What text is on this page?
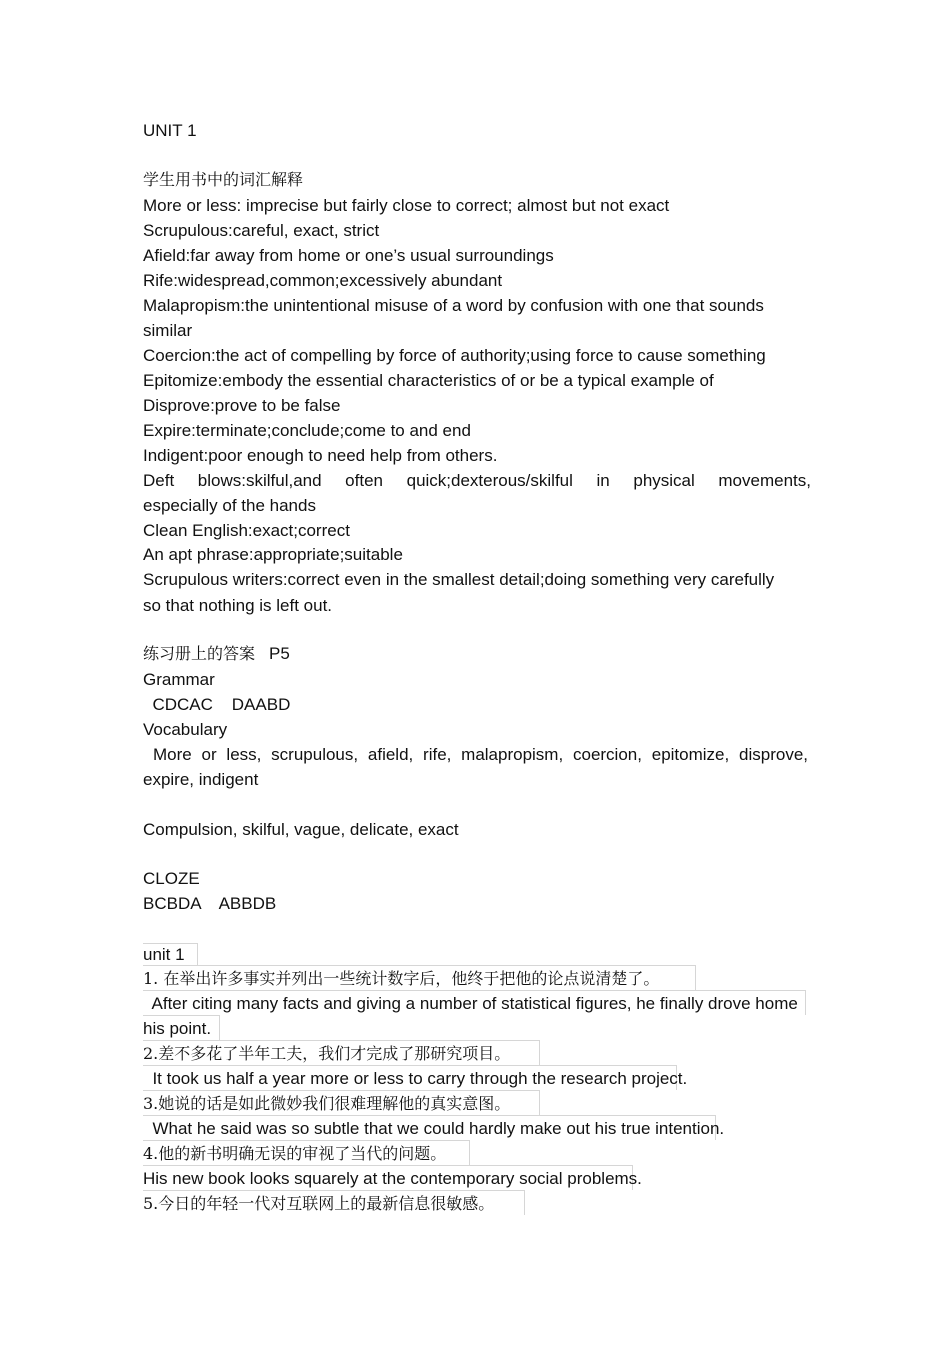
UNIT 1
学生用书中的词汇解释
More or less: imprecise but fairly close to correct; almost but not exact
Scrupulous:careful, exact, strict
Afield:far away from home or one’s usual surroundings
Rife:widespread,common;excessively abundant
Malapropism:the unintentional misuse of a word by confusion with one that sounds
similar
Coercion:the act of compelling by force of authority;using force to cause something
Epitomize:embody the essential characteristics of or be a typical example of
Disprove:prove to be false
Expire:terminate;conclude;come to and end
Indigent:poor enough to need help from others.
Deft blows:skilful,and often quick;dexterous/skilful in physical movements,
especially of the hands
Clean English:exact;correct
An apt phrase:appropriate;suitable
Scrupulous writers:correct even in the smallest detail;doing something very carefully
so that nothing is left out.
练习册上的答案 P5
Grammar
CDCAC    DAABD
Vocabulary
More or less, scrupulous, afield, rife, malapropism, coercion, epitomize, disprove,
expire, indigent
Compulsion, skilful, vague, delicate, exact
CLOZE
BCBDA    ABBDB
unit 1
1. 在举出许多事实并列出一些统计数字后，他终于把他的论点说清楚了。
After citing many facts and giving a number of statistical figures, he finally drove home
his point.
2.差不多花了半年工夫，我们才完成了那研究项目。
It took us half a year more or less to carry through the research project.
3.她说的话是如此微妙我们很难理解他的真实意图。
What he said was so subtle that we could hardly make out his true intention.
4.他的新书明确无误的审视了当代的问题。
His new book looks squarely at the contemporary social problems.
5.今日的年轻一代对互联网上的最新信息很敏感。
